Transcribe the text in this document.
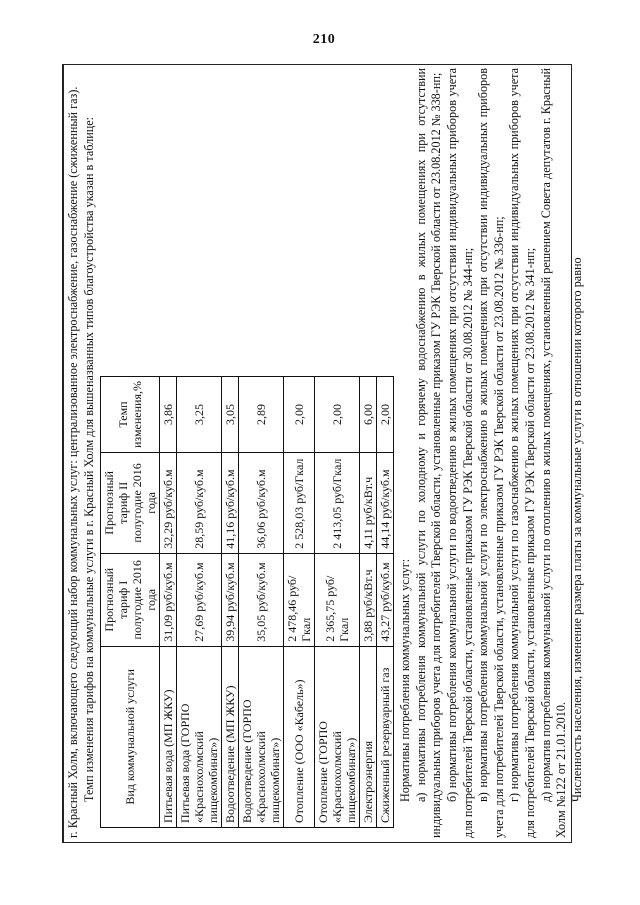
210

г. Красный Холм, включающего следующий набор коммунальных услуг: централизованное электроснабжение, газоснабжение (сжиженный газ). Темп изменения тарифов на коммунальные услуги в г. Красный Холм для вышеназванных типов благоустройства указан в таблице: Вид коммунальной услуги	Прогнозный тариф I полугодие 2016 года	Прогнозный тариф II полугодие 2016 года	Темп изменения,%
Питьевая вода (МП ЖКУ)	31,09 руб/куб.м	32,29 руб/куб.м	3,86
Питьевая вода (ГОРПО «Краснохолмский пищекомбинат»)	27,69 руб/куб.м	28,59 руб/куб.м	3,25
Водоотведение (МП ЖКУ)	39,94 руб/куб.м	41,16 руб/куб.м	3,05
Водоотведение (ГОРПО «Краснохолмский пищекомбинат»)	35,05 руб/куб.м	36,06 руб/куб.м	2,89
Отопление (ООО «Кабель»)	2 478,46 руб/Гкал	2 528,03 руб/Гкал	2,00
Отопление (ГОРПО «Краснохолмский пищекомбинат»)	2 365,75 руб/Гкал	2 413,05 руб/Гкал	2,00
Электроэнергия	3,88 руб/кВт.ч	4,11 руб/кВт.ч	6,00
Сжиженный резервуарный газ	43,27 руб/куб.м	44,14 руб/куб.м	2,00

Нормативы потребления коммунальных услуг: а) нормативы потребления коммунальной услуги по холодному и горячему водоснабжению в жилых помещениях при отсутствии индивидуальных приборов учета для потребителей Тверской области, установленные приказом ГУ РЭК Тверской области от 23.08.2012 № 338-нп; б) нормативы потребления коммунальной услуги по водоотведению в жилых помещениях при отсутствии индивидуальных приборов учета для потребителей Тверской области, установленные приказом ГУ РЭК Тверской области от 30.08.2012 № 344-нп; в) нормативы потребления коммунальной услуги по электроснабжению в жилых помещениях при отсутствии индивидуальных приборов учета для потребителей Тверской области, установленные приказом ГУ РЭК Тверской области от 23.08.2012 № 336-нп; г) нормативы потребления коммунальной услуги по газоснабжению в жилых помещениях при отсутствии индивидуальных приборов учета для потребителей Тверской области, установленные приказом ГУ РЭК Тверской области от 23.08.2012 № 341-нп; д) норматив потребления коммунальной услуги по отоплению в жилых помещениях, установленный решением Совета депутатов г. Красный Холм №122 от 21.01.2010. Численность населения, изменение размера платы за коммунальные услуги в отношении которого равно
